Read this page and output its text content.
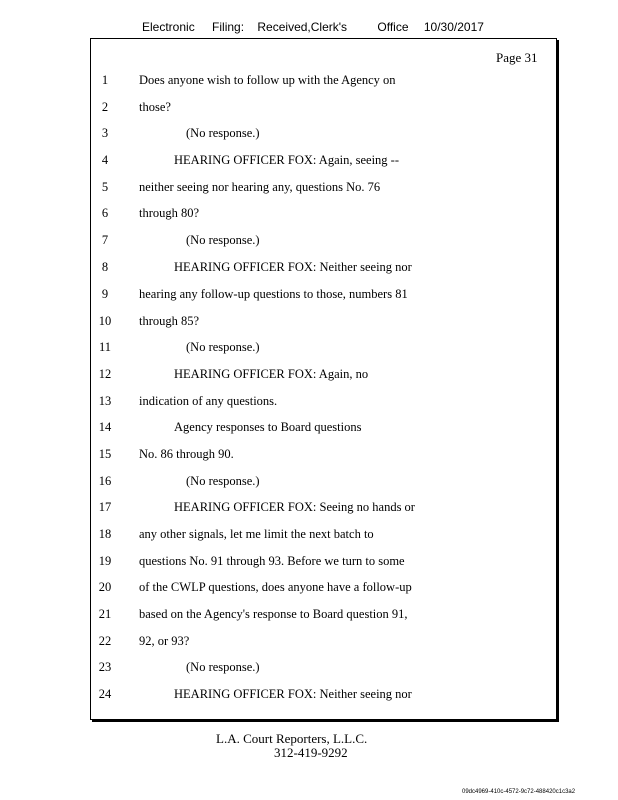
Electronic Filing: Received,Clerk's	Office 10/30/2017
Page 31
1	Does anyone wish to follow up with the Agency on
2	those?
3	(No response.)
4	HEARING OFFICER FOX: Again, seeing --
5	neither seeing nor hearing any, questions No. 76
6	through 80?
7	(No response.)
8	HEARING OFFICER FOX: Neither seeing nor
9	hearing any follow-up questions to those, numbers 81
10 through 85?
11	(No response.)
12	HEARING OFFICER FOX: Again, no
13 indication of any questions.
14	Agency responses to Board questions
15 No. 86 through 90.
16	(No response.)
17	HEARING OFFICER FOX: Seeing no hands or
18 any other signals, let me limit the next batch to
19 questions No. 91 through 93. Before we turn to some
20 of the CWLP questions, does anyone have a follow-up
21 based on the Agency's response to Board question 91,
22 92, or 93?
23	(No response.)
24	HEARING OFFICER FOX: Neither seeing nor
L.A. Court Reporters, L.L.C.
312-419-9292
09dc4969-410c-4572-9c72-488420c1c3a2
